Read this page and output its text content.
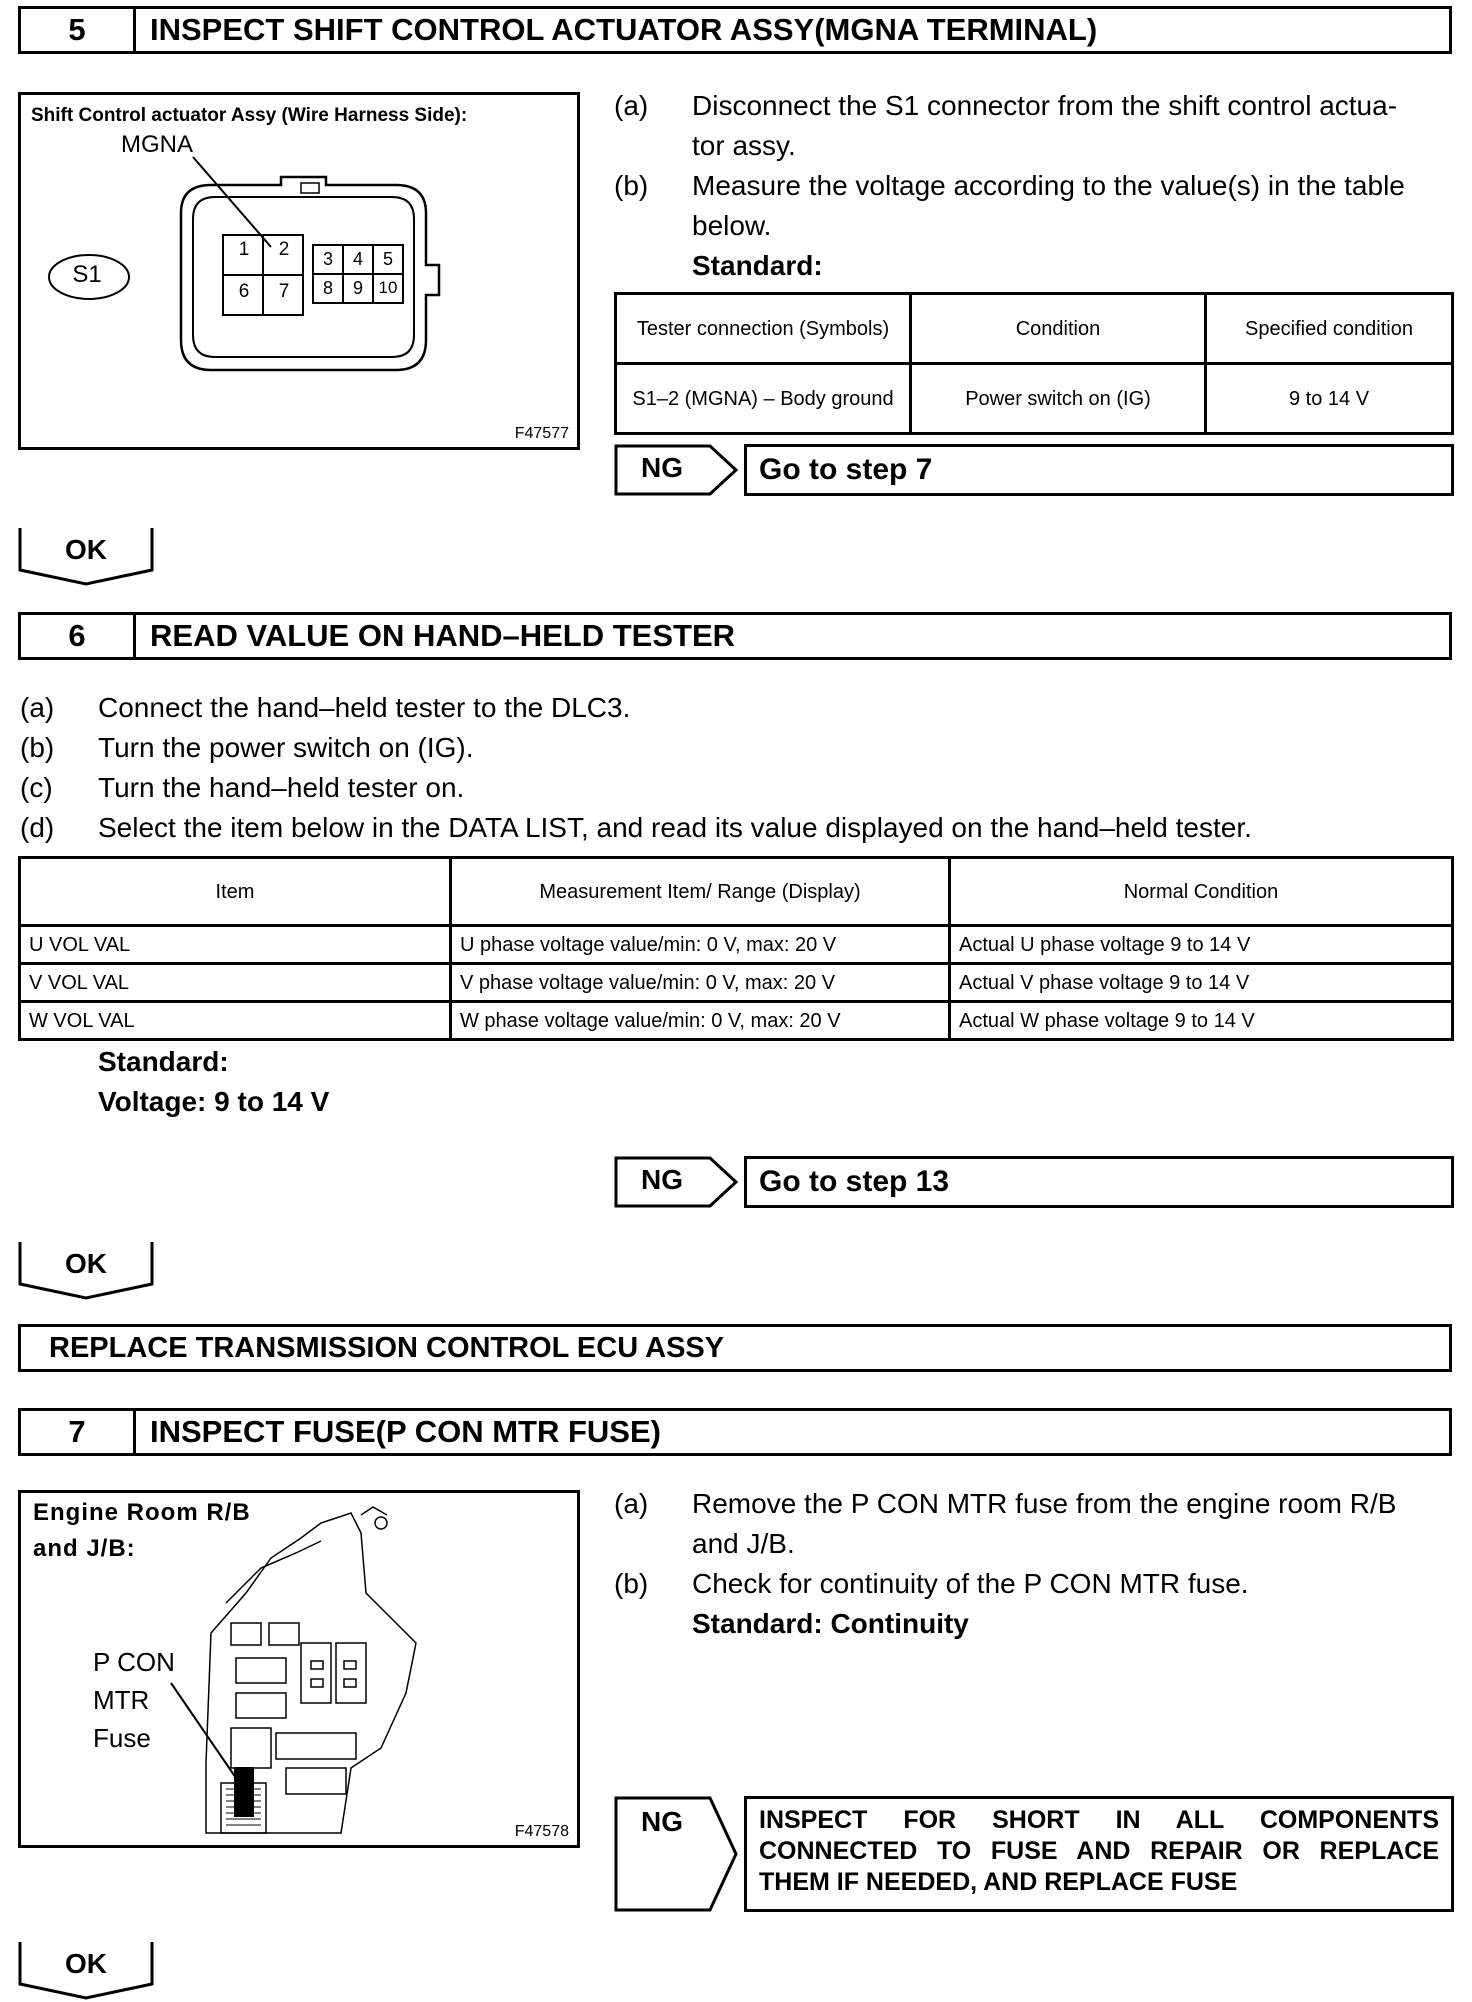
5	INSPECT SHIFT CONTROL ACTUATOR ASSY(MGNA TERMINAL)
Shift Control actuator Assy (Wire Harness Side):
MGNA
S1
1	2	3	4	5
6	7	8	9 10
F47577
(a)	Disconnect the S1 connector from the shift control actua-
tor assy.
(b)	Measure the voltage according to the value(s) in the table
below.
Standard:
Tester connection (Symbols)	Condition	Specified condition
S1–2 (MGNA) – Body ground	Power switch on (IG)	9 to 14 V
NG	Go to step 7
OK
6	READ VALUE ON HAND–HELD TESTER
(a)	Connect the hand–held tester to the DLC3.
(b)	Turn the power switch on (IG).
(c)	Turn the hand–held tester on.
(d)	Select the item below in the DATA LIST, and read its value displayed on the hand–held tester.
Item	Measurement Item/ Range (Display)	Normal Condition
U VOL VAL	U phase voltage value/min: 0 V, max: 20 V	Actual U phase voltage 9 to 14 V
V VOL VAL	V phase voltage value/min: 0 V, max: 20 V	Actual V phase voltage 9 to 14 V
W VOL VAL	W phase voltage value/min: 0 V, max: 20 V	Actual W phase voltage 9 to 14 V
Standard:
Voltage: 9 to 14 V
NG	Go to step 13
OK
REPLACE TRANSMISSION CONTROL ECU ASSY
7	INSPECT FUSE(P CON MTR FUSE)
Engine Room R/B
and J/B:
P CON
MTR
Fuse
F47578
(a)	Remove the P CON MTR fuse from the engine room R/B
and J/B.
(b)	Check for continuity of the P CON MTR fuse.
Standard: Continuity
NG	INSPECT FOR SHORT IN ALL COMPONENTS
CONNECTED TO FUSE AND REPAIR OR REPLACE
THEM IF NEEDED, AND REPLACE FUSE
OK
